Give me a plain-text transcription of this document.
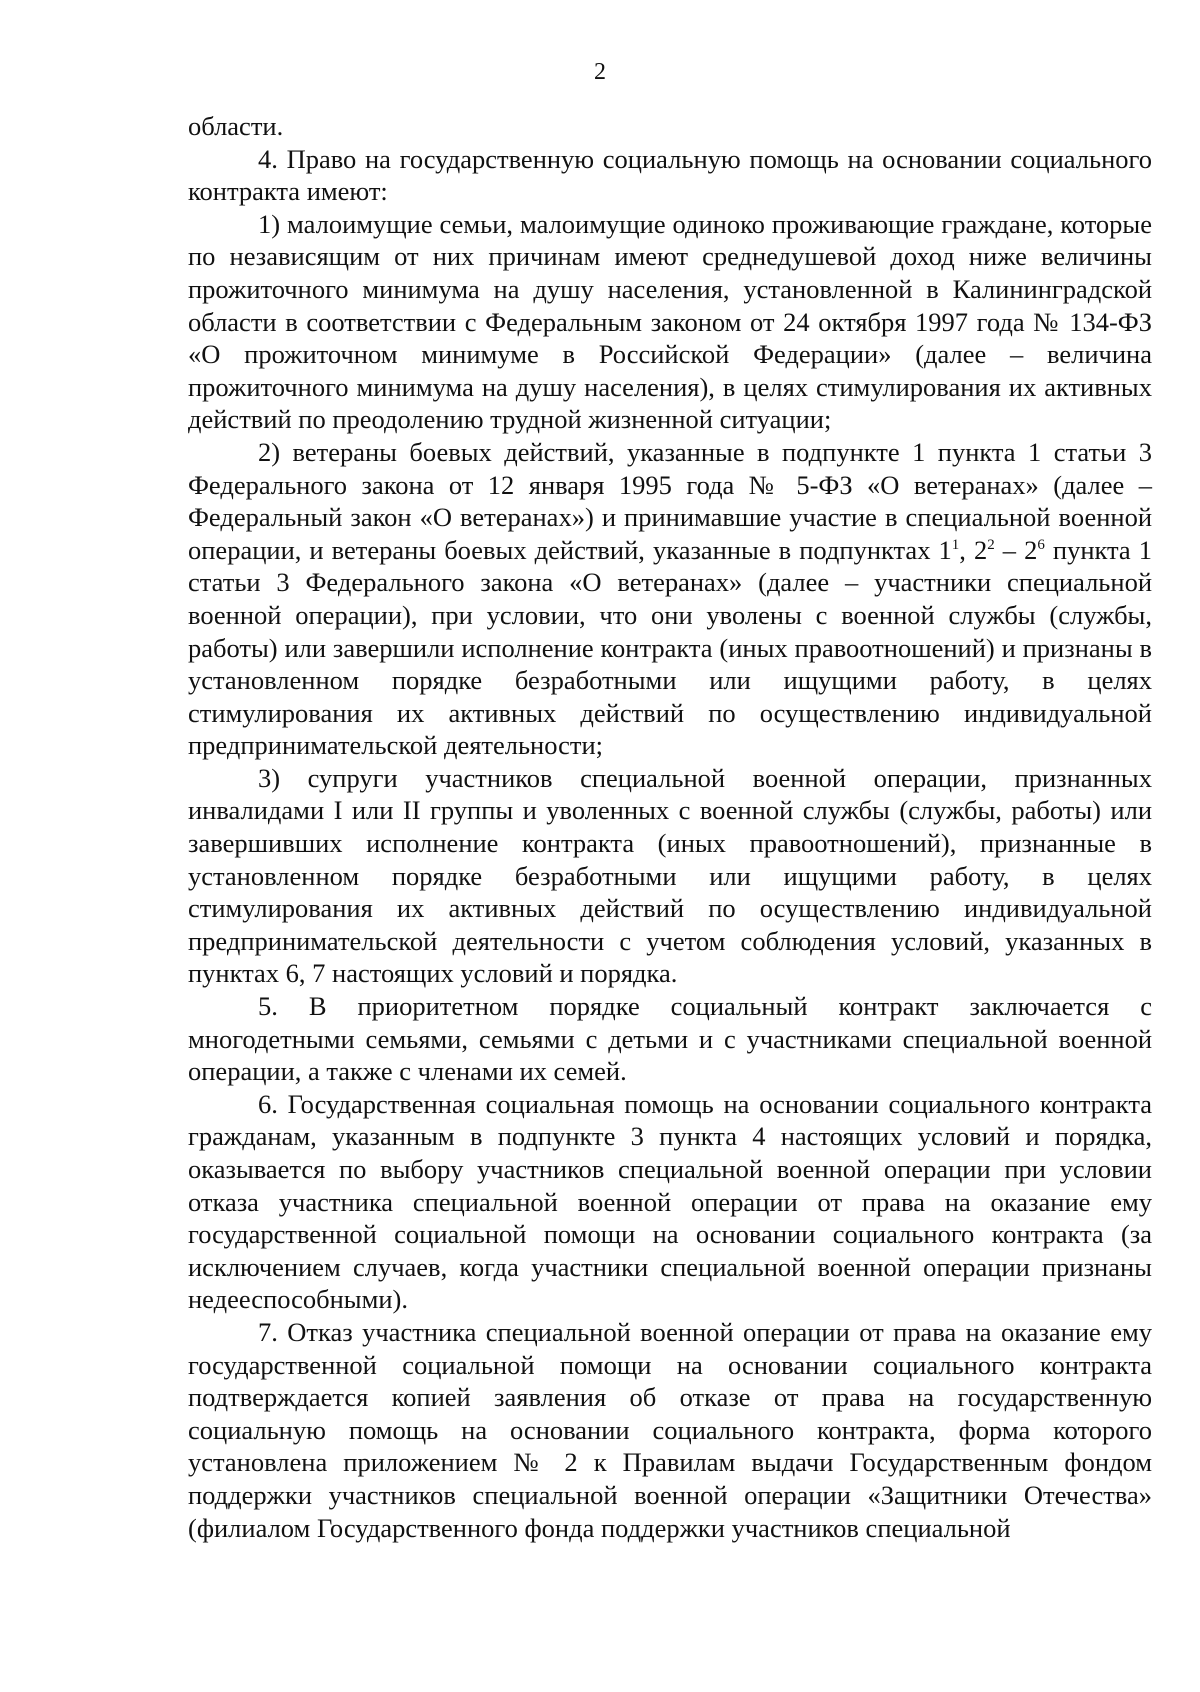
2

области.

4. Право на государственную социальную помощь на основании социального контракта имеют:

1) малоимущие семьи, малоимущие одиноко проживающие граждане, которые по независящим от них причинам имеют среднедушевой доход ниже величины прожиточного минимума на душу населения, установленной в Калининградской области в соответствии с Федеральным законом от 24 октября 1997 года № 134-ФЗ «О прожиточном минимуме в Российской Федерации» (далее – величина прожиточного минимума на душу населения), в целях стимулирования их активных действий по преодолению трудной жизненной ситуации;

2) ветераны боевых действий, указанные в подпункте 1 пункта 1 статьи 3 Федерального закона от 12 января 1995 года № 5-ФЗ «О ветеранах» (далее – Федеральный закон «О ветеранах») и принимавшие участие в специальной военной операции, и ветераны боевых действий, указанные в подпунктах $1^1$, $2^2 - 2^6$ пункта 1 статьи 3 Федерального закона «О ветеранах» (далее – участники специальной военной операции), при условии, что они уволены с военной службы (службы, работы) или завершили исполнение контракта (иных правоотношений) и признаны в установленном порядке безработными или ищущими работу, в целях стимулирования их активных действий по осуществлению индивидуальной предпринимательской деятельности;

3) супруги участников специальной военной операции, признанных инвалидами I или II группы и уволенных с военной службы (службы, работы) или завершивших исполнение контракта (иных правоотношений), признанные в установленном порядке безработными или ищущими работу, в целях стимулирования их активных действий по осуществлению индивидуальной предпринимательской деятельности с учетом соблюдения условий, указанных в пунктах 6, 7 настоящих условий и порядка.

5. В приоритетном порядке социальный контракт заключается с многодетными семьями, семьями с детьми и с участниками специальной военной операции, а также с членами их семей.

6. Государственная социальная помощь на основании социального контракта гражданам, указанным в подпункте 3 пункта 4 настоящих условий и порядка, оказывается по выбору участников специальной военной операции при условии отказа участника специальной военной операции от права на оказание ему государственной социальной помощи на основании социального контракта (за исключением случаев, когда участники специальной военной операции признаны недееспособными).

7. Отказ участника специальной военной операции от права на оказание ему государственной социальной помощи на основании социального контракта подтверждается копией заявления об отказе от права на государственную социальную помощь на основании социального контракта, форма которого установлена приложением № 2 к Правилам выдачи Государственным фондом поддержки участников специальной военной операции «Защитники Отечества» (филиалом Государственного фонда поддержки участников специальной
